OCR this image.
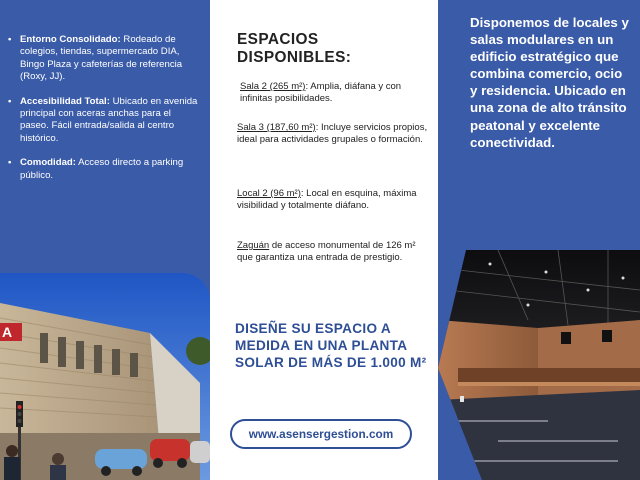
• Entorno Consolidado: Rodeado de colegios, tiendas, supermercado DIA, Bingo Plaza y cafeterías de referencia (Roxy, JJ).
• Accesibilidad Total: Ubicado en avenida principal con aceras anchas para el paseo. Fácil entrada/salida al centro histórico.
• Comodidad: Acceso directo a parking público.
A
ESPACIOS
DISPONIBLES:
Sala 2 (265 m²): Amplia, diáfana y con infinitas posibilidades.
Sala 3 (187,60 m²): Incluye servicios propios, ideal para actividades grupales o formación.
Local 2 (96 m²): Local en esquina, máxima visibilidad y totalmente diáfano.
Zaguán de acceso monumental de 126 m² que garantiza una entrada de prestigio.
DISEÑE SU ESPACIO A MEDIDA EN UNA PLANTA SOLAR DE MÁS DE 1.000 M²
www.asensergestion.com
Disponemos de locales y salas modulares en un edificio estratégico que combina comercio, ocio y residencia. Ubicado en una zona de alto tránsito peatonal y excelente conectividad.
